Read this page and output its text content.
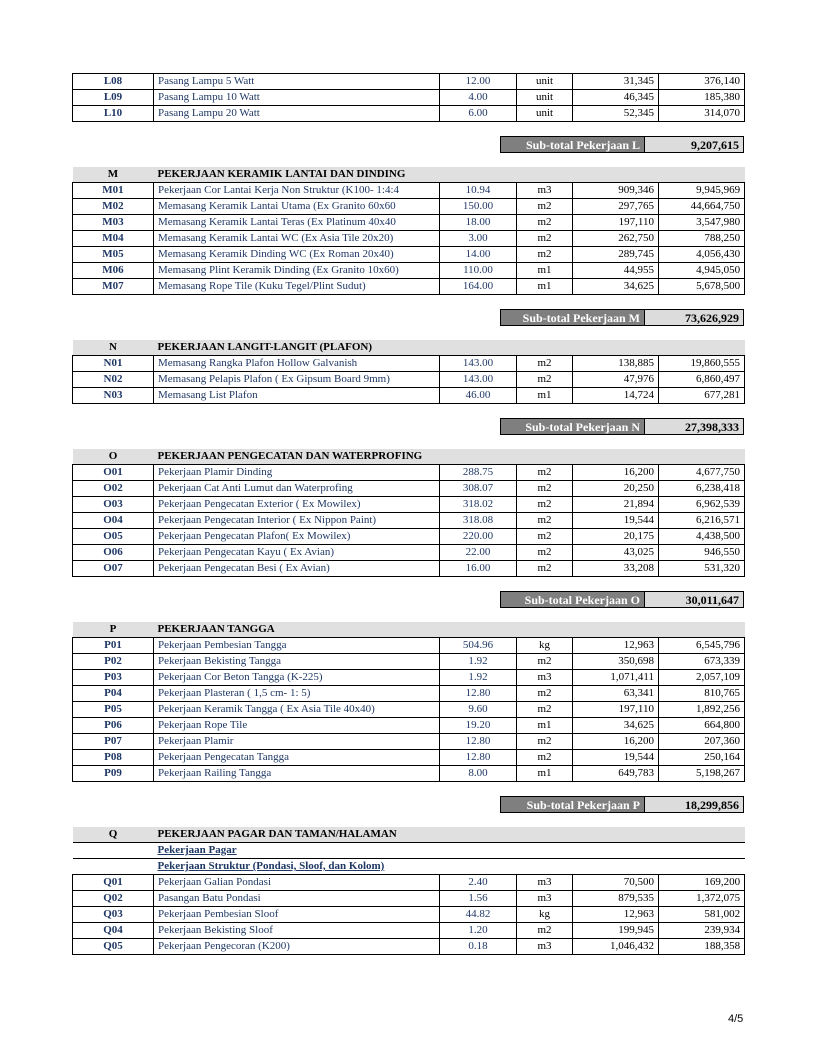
L08	Pasang Lampu 5 Watt	12.00	unit	31,345	376,140
L09	Pasang Lampu 10 Watt	4.00	unit	46,345	185,380
L10	Pasang Lampu 20 Watt	6.00	unit	52,345	314,070
Sub-total Pekerjaan L	9,207,615
M	PEKERJAAN KERAMIK LANTAI DAN DINDING				
M01	Pekerjaan Cor Lantai Kerja Non Struktur (K100- 1:4:4	10.94	m3	909,346	9,945,969
M02	Memasang Keramik Lantai Utama (Ex Granito 60x60	150.00	m2	297,765	44,664,750
M03	Memasang Keramik Lantai Teras (Ex Platinum 40x40	18.00	m2	197,110	3,547,980
M04	Memasang Keramik Lantai WC (Ex Asia Tile 20x20)	3.00	m2	262,750	788,250
M05	Memasang Keramik Dinding WC (Ex Roman 20x40)	14.00	m2	289,745	4,056,430
M06	Memasang Plint Keramik Dinding (Ex Granito 10x60)	110.00	m1	44,955	4,945,050
M07	Memasang Rope Tile (Kuku Tegel/Plint Sudut)	164.00	m1	34,625	5,678,500
Sub-total Pekerjaan M	73,626,929
N	PEKERJAAN LANGIT-LANGIT (PLAFON)				
N01	Memasang Rangka Plafon Hollow Galvanish	143.00	m2	138,885	19,860,555
N02	Memasang Pelapis Plafon ( Ex Gipsum Board 9mm)	143.00	m2	47,976	6,860,497
N03	Memasang List Plafon	46.00	m1	14,724	677,281
Sub-total Pekerjaan N	27,398,333
O	PEKERJAAN PENGECATAN DAN WATERPROFING				
O01	Pekerjaan Plamir Dinding	288.75	m2	16,200	4,677,750
O02	Pekerjaan Cat Anti Lumut dan Waterprofing	308.07	m2	20,250	6,238,418
O03	Pekerjaan Pengecatan Exterior ( Ex Mowilex)	318.02	m2	21,894	6,962,539
O04	Pekerjaan Pengecatan Interior ( Ex Nippon Paint)	318.08	m2	19,544	6,216,571
O05	Pekerjaan Pengecatan Plafon( Ex Mowilex)	220.00	m2	20,175	4,438,500
O06	Pekerjaan Pengecatan Kayu ( Ex Avian)	22.00	m2	43,025	946,550
O07	Pekerjaan Pengecatan Besi ( Ex Avian)	16.00	m2	33,208	531,320
Sub-total Pekerjaan O	30,011,647
P	PEKERJAAN TANGGA				
P01	Pekerjaan Pembesian Tangga	504.96	kg	12,963	6,545,796
P02	Pekerjaan Bekisting Tangga	1.92	m2	350,698	673,339
P03	Pekerjaan Cor Beton Tangga (K-225)	1.92	m3	1,071,411	2,057,109
P04	Pekerjaan Plasteran ( 1,5 cm- 1: 5)	12.80	m2	63,341	810,765
P05	Pekerjaan Keramik Tangga ( Ex Asia Tile 40x40)	9.60	m2	197,110	1,892,256
P06	Pekerjaan Rope Tile	19.20	m1	34,625	664,800
P07	Pekerjaan Plamir	12.80	m2	16,200	207,360
P08	Pekerjaan Pengecatan Tangga	12.80	m2	19,544	250,164
P09	Pekerjaan Railing Tangga	8.00	m1	649,783	5,198,267
Sub-total Pekerjaan P	18,299,856
Q	PEKERJAAN PAGAR DAN TAMAN/HALAMAN				
	Pekerjaan Pagar				
	Pekerjaan Struktur (Pondasi, Sloof, dan Kolom)				
Q01	Pekerjaan Galian Pondasi	2.40	m3	70,500	169,200
Q02	Pasangan Batu Pondasi	1.56	m3	879,535	1,372,075
Q03	Pekerjaan Pembesian Sloof	44.82	kg	12,963	581,002
Q04	Pekerjaan Bekisting Sloof	1.20	m2	199,945	239,934
Q05	Pekerjaan Pengecoran (K200)	0.18	m3	1,046,432	188,358
4/5
